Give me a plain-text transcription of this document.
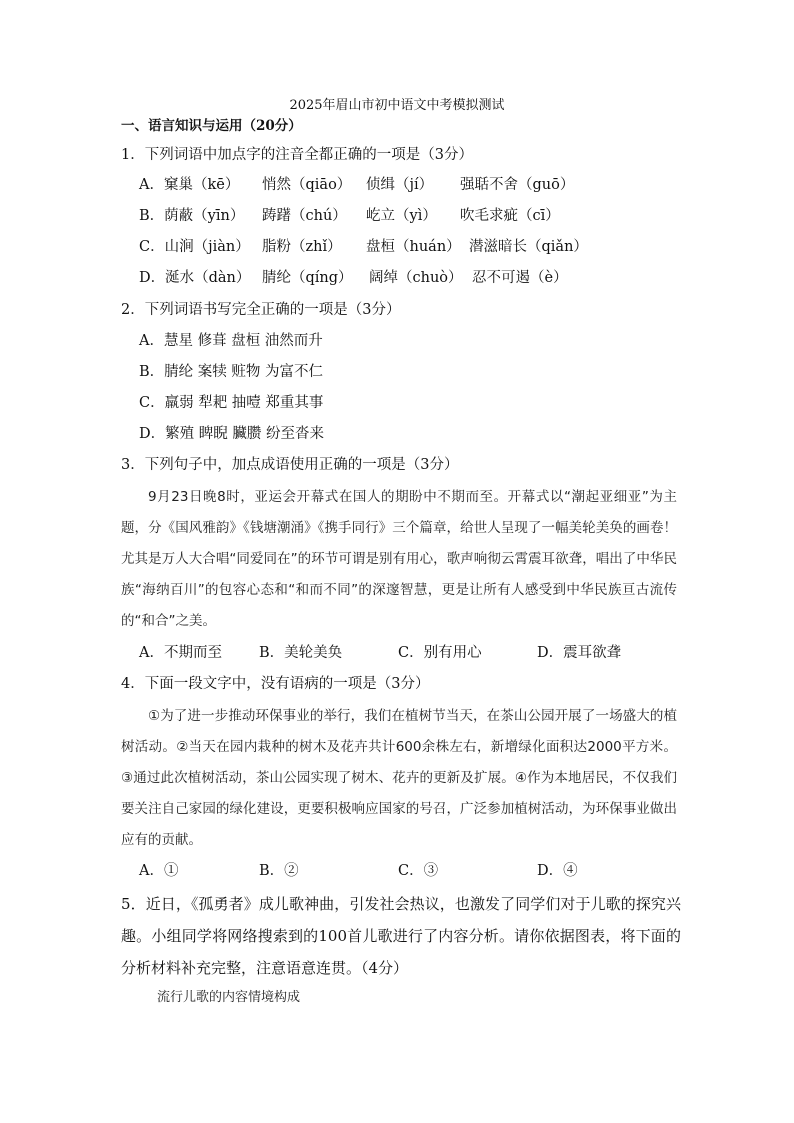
2025年眉山市初中语文中考模拟测试
一、语言知识与运用（20分）
1．下列词语中加点字的注音全都正确的一项是（3分）
A．窠巢（kē） 悄然（qiāo） 侦缉（jí） 强聒不舍（guō）
B．荫蔽（yīn） 踌躇（chú） 屹立（yì） 吹毛求疵（cī）
C．山涧（jiàn） 脂粉（zhǐ） 盘桓（huán） 潜滋暗长（qiǎn）
D．涎水（dàn） 腈纶（qíng） 阔绰（chuò） 忍不可遏（è）
2．下列词语书写完全正确的一项是（3分）
A．慧星 修葺 盘桓 油然而升
B．腈纶 案犊 赃物 为富不仁
C．羸弱 犁耙 抽噎 郑重其事
D．繁殖 睥睨 臟臜 纷至沓来
3．下列句子中，加点成语使用正确的一项是（3分）
9月23日晚8时，亚运会开幕式在国人的期盼中不期而至。开幕式以“潮起亚细亚”为主题，分《国风雅韵》《钱塘潮涌》《携手同行》三个篇章，给世人呈现了一幅美轮美奂的画卷！尤其是万人大合唱“同爱同在”的环节可谓是别有用心，歌声响彻云霄震耳欲聋，唱出了中华民族“海纳百川”的包容心态和“和而不同”的深邃智慧，更是让所有人感受到中华民族亘古流传的“和合”之美。
A．不期而至	B．美轮美奂	C．别有用心	D．震耳欲聋
4．下面一段文字中，没有语病的一项是（3分）
①为了进一步推动环保事业的举行，我们在植树节当天，在茶山公园开展了一场盛大的植树活动。②当天在园内栽种的树木及花卉共计600余株左右，新增绿化面积达2000平方米。③通过此次植树活动，茶山公园实现了树木、花卉的更新及扩展。④作为本地居民，不仅我们要关注自己家园的绿化建设，更要积极响应国家的号召，广泛参加植树活动，为环保事业做出应有的贡献。
A．①	B．②	C．③	D．④
5．近日，《孤勇者》成儿歌神曲，引发社会热议，也激发了同学们对于儿歌的探究兴趣。小组同学将网络搜索到的100首儿歌进行了内容分析。请你依据图表，将下面的分析材料补充完整，注意语意连贯。（4分）
流行儿歌的内容情境构成
